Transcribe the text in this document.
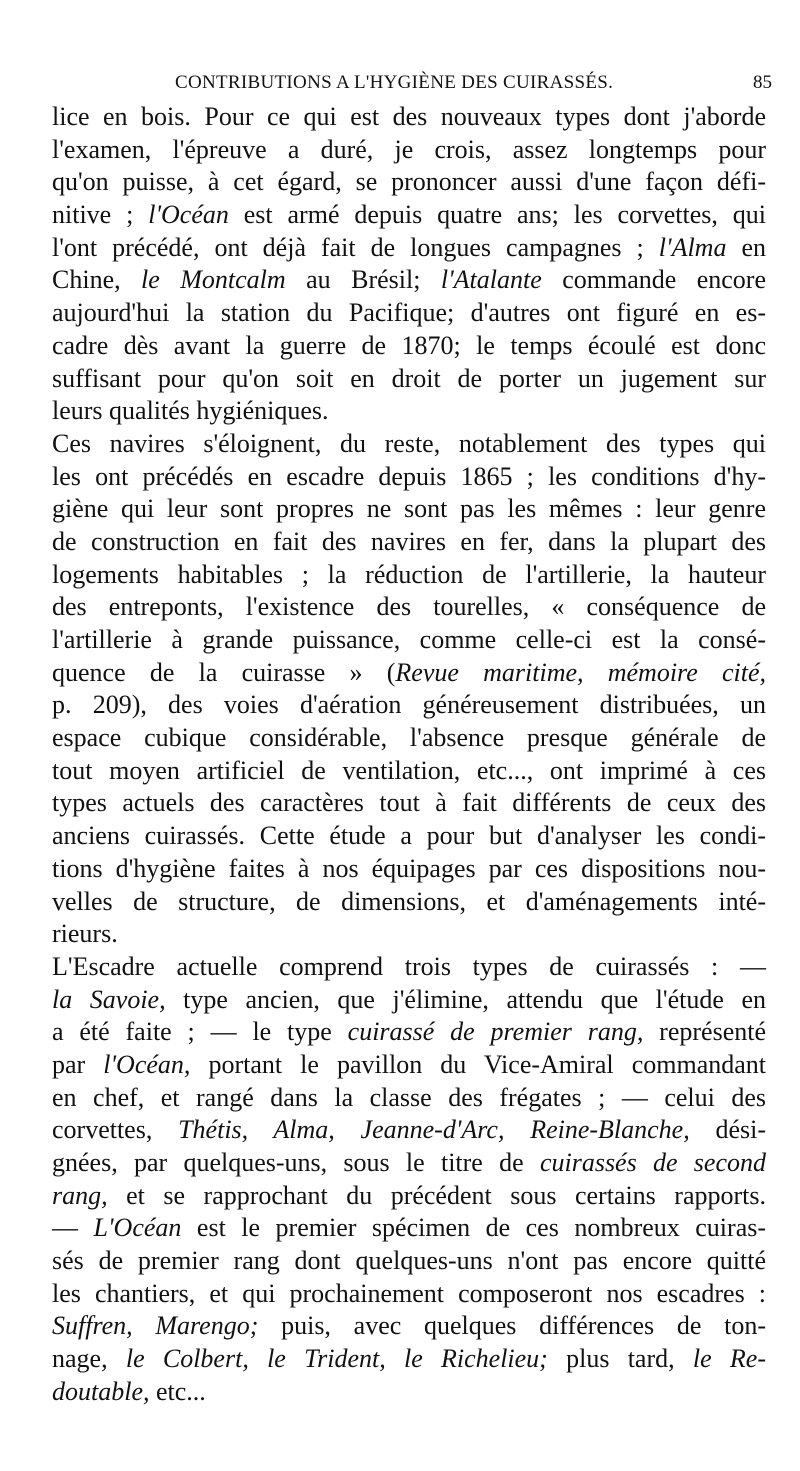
CONTRIBUTIONS A L'HYGIÈNE DES CUIRASSÉS.	85
lice en bois. Pour ce qui est des nouveaux types dont j'aborde
l'examen, l'épreuve a duré, je crois, assez longtemps pour
qu'on puisse, à cet égard, se prononcer aussi d'une façon défi-
nitive ; l'Océan est armé depuis quatre ans; les corvettes, qui
l'ont précédé, ont déjà fait de longues campagnes ; l'Alma en
Chine, le Montcalm au Brésil; l'Atalante commande encore
aujourd'hui la station du Pacifique; d'autres ont figuré en es-
cadre dès avant la guerre de 1870; le temps écoulé est donc
suffisant pour qu'on soit en droit de porter un jugement sur
leurs qualités hygiéniques.
Ces navires s'éloignent, du reste, notablement des types qui
les ont précédés en escadre depuis 1865 ; les conditions d'hy-
giène qui leur sont propres ne sont pas les mêmes : leur genre
de construction en fait des navires en fer, dans la plupart des
logements habitables ; la réduction de l'artillerie, la hauteur
des entreponts, l'existence des tourelles, « conséquence de
l'artillerie à grande puissance, comme celle-ci est la consé-
quence de la cuirasse » (Revue maritime, mémoire cité,
p. 209), des voies d'aération généreusement distribuées, un
espace cubique considérable, l'absence presque générale de
tout moyen artificiel de ventilation, etc..., ont imprimé à ces
types actuels des caractères tout à fait différents de ceux des
anciens cuirassés. Cette étude a pour but d'analyser les condi-
tions d'hygiène faites à nos équipages par ces dispositions nou-
velles de structure, de dimensions, et d'aménagements inté-
rieurs.
L'Escadre actuelle comprend trois types de cuirassés : —
la Savoie, type ancien, que j'élimine, attendu que l'étude en
a été faite ; — le type cuirassé de premier rang, représenté
par l'Océan, portant le pavillon du Vice-Amiral commandant
en chef, et rangé dans la classe des frégates ; — celui des
corvettes, Thétis, Alma, Jeanne-d'Arc, Reine-Blanche, dési-
gnées, par quelques-uns, sous le titre de cuirassés de second
rang, et se rapprochant du précédent sous certains rapports.
— L'Océan est le premier spécimen de ces nombreux cuiras-
sés de premier rang dont quelques-uns n'ont pas encore quitté
les chantiers, et qui prochainement composeront nos escadres :
Suffren, Marengo; puis, avec quelques différences de ton-
nage, le Colbert, le Trident, le Richelieu; plus tard, le Re-
doutable, etc...
